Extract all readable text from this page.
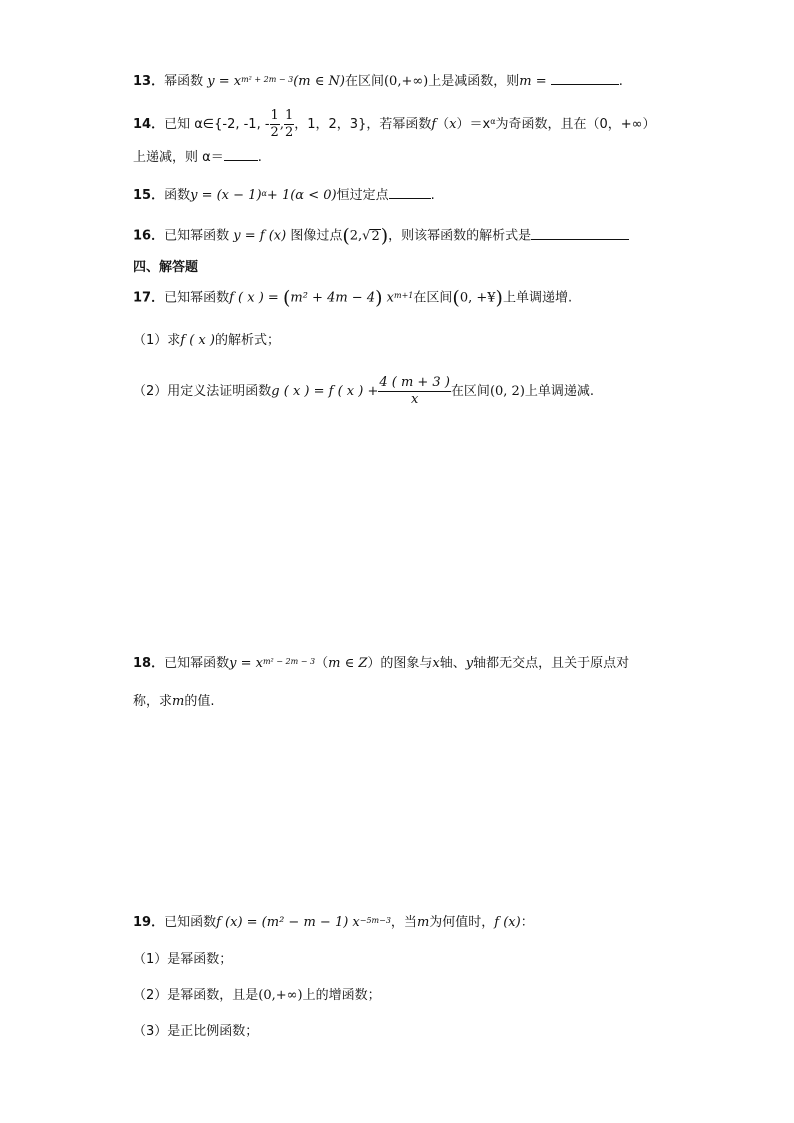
13．幂函数 $y = x^{m^2 + 2m - 3}(m$ ∈ N)在区间(0,+∞)上是减函数，则m =	.
14．已知 α∈{-2, -1, - $\frac{1}{2}$ , $\frac{1}{2}$ ，1，2，3}，若幂函数$f(x)=x^\alpha$为奇函数，且在（0，+∞）
上递减，则 α＝	.
15．函数$y = (x - 1)^\alpha+ 1(\alpha < 0)$恒过定点	.
16．已知幂函数 y = f (x) 图像过点(2,√2)，则该幂函数的解析式是
四、解答题
17．已知幂函数f ( x ) = (m² + 4m − 4) $x^{m+1}$在区间(0, +¥)上单调递增.
（1）求f ( x )的解析式；
（2）用定义法证明函数g ( x ) = f ( x ) + $\frac{4 ( m + 3 )}{x}$ 在区间(0, 2)上单调递减.
18．已知幂函数$y = x^{m^2 - 2m - 3}(m$ ∈ Z）的图象与x轴、y轴都无交点，且关于原点对
称，求m的值.
19．已知函数f (x) = (m² − m − 1) $x^{-5m-3}$，当m为何值时，f (x)：
（1）是幂函数；
（2）是幂函数，且是(0,+∞)上的增函数；
（3）是正比例函数；
